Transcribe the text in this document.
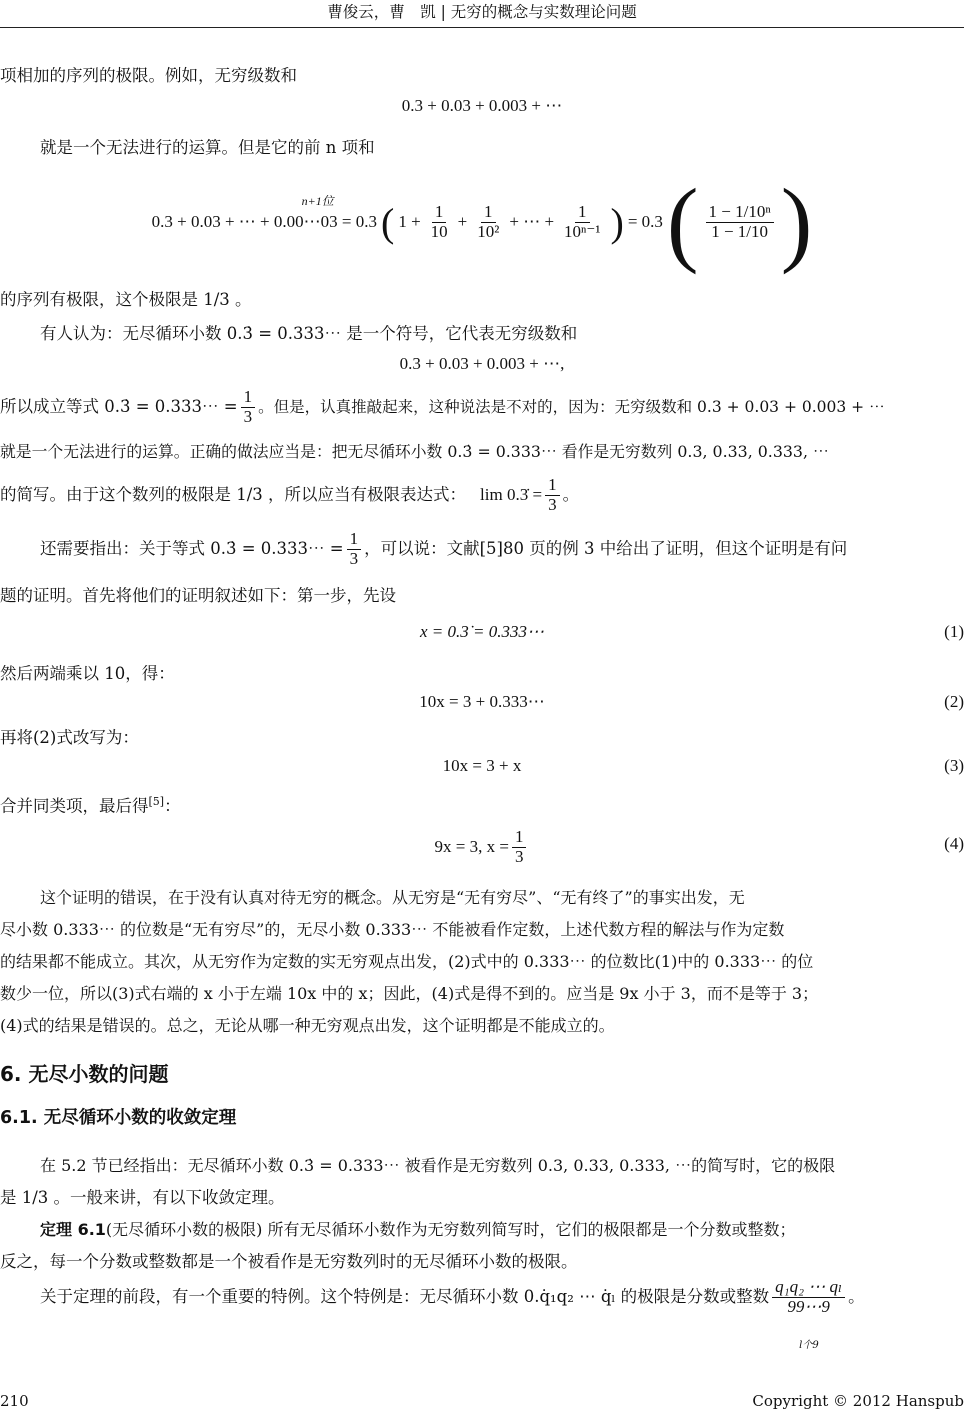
曹俊云，曹　凯 | 无穷的概念与实数理论问题

项相加的序列的极限。例如，无穷级数和

0.3 + 0.03 + 0.003 + ⋯

就是一个无法进行的运算。但是它的前 n 项和

n+1位
0.3 + 0.03 + ⋯ + 0.00⋯03 = 0.3 ( $1 + \frac{1}{10} + \frac{1}{\text{10²}}$ + ⋯ + $\frac{1}{\text{10ⁿ⁻¹}}$ ) = 0.3 ( $\frac{\text{1 − 1/10ⁿ}}{1 - 1/10}$ )

的序列有极限，这个极限是 1/3 。

有人认为：无尽循环小数 0.3̇ = 0.333⋯ 是一个符号，它代表无穷级数和

0.3 + 0.03 + 0.003 + ⋯,

所以成立等式 0.3̇ = 0.333⋯ = $\frac{1}{3}$ 。但是，认真推敲起来，这种说法是不对的，因为：无穷级数和 0.3 + 0.03 + 0.003 + ⋯

就是一个无法进行的运算。正确的做法应当是：把无尽循环小数 0.3̇ = 0.333⋯ 看作是无穷数列 0.3, 0.33, 0.333, ⋯

的简写。由于这个数列的极限是 1/3 ，所以应当有极限表达式： lim 0.3̇ = $\frac{1}{3}$ 。

还需要指出：关于等式 0.3̇ = 0.333⋯ = $\frac{1}{3}$ ，可以说：文献[5]80 页的例 3 中给出了证明，但这个证明是有问

题的证明。首先将他们的证明叙述如下：第一步，先设

x = 0.3̇ = 0.333⋯	(1)

然后两端乘以 10，得：

10x = 3 + 0.333⋯	(2)

再将(2)式改写为：

10x = 3 + x	(3)

合并同类项，最后得[5]：

9x = 3, $x = \frac{1}{3}$	(4)

这个证明的错误，在于没有认真对待无穷的概念。从无穷是“无有穷尽”、“无有终了”的事实出发，无

尽小数 0.333⋯ 的位数是“无有穷尽”的，无尽小数 0.333⋯ 不能被看作定数，上述代数方程的解法与作为定数

的结果都不能成立。其次，从无穷作为定数的实无穷观点出发，(2)式中的 0.333⋯ 的位数比(1)中的 0.333⋯ 的位

数少一位，所以(3)式右端的 x 小于左端 10x 中的 x；因此，(4)式是得不到的。应当是 9x 小于 3，而不是等于 3；

(4)式的结果是错误的。总之，无论从哪一种无穷观点出发，这个证明都是不能成立的。

6. 无尽小数的问题
6.1. 无尽循环小数的收敛定理

在 5.2 节已经指出：无尽循环小数 0.3̇ = 0.333⋯ 被看作是无穷数列 0.3, 0.33, 0.333, ⋯的简写时，它的极限

是 1/3 。一般来讲，有以下收敛定理。

定理 6.1(无尽循环小数的极限) 所有无尽循环小数作为无穷数列简写时，它们的极限都是一个分数或整数；

反之，每一个分数或整数都是一个被看作是无穷数列时的无尽循环小数的极限。

关于定理的前段，有一个重要的特例。这个特例是：无尽循环小数 0.q̇₁q₂ ⋯ q̇ₗ 的极限是分数或整数 $\frac{\text{q₁q₂ ⋯ qₗ}}{99\cdots 9}$
l个9
。

210	Copyright © 2012 Hanspub
